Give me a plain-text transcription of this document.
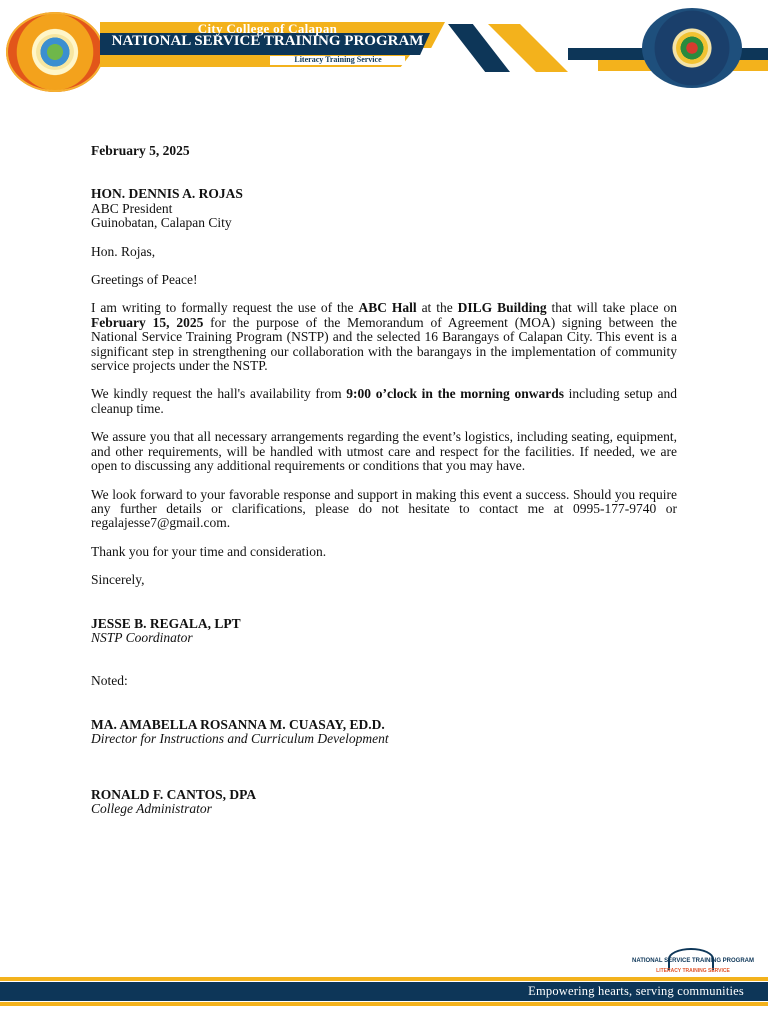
City College of Calapan
NATIONAL SERVICE TRAINING PROGRAM
Literacy Training Service

February 5, 2025

HON. DENNIS A. ROJAS

ABC President

Guinobatan, Calapan City

Hon. Rojas,

Greetings of Peace!

I am writing to formally request the use of the ABC Hall at the DILG Building that will take place on February 15, 2025 for the purpose of the Memorandum of Agreement (MOA) signing between the National Service Training Program (NSTP) and the selected 16 Barangays of Calapan City. This event is a significant step in strengthening our collaboration with the barangays in the implementation of community service projects under the NSTP.

We kindly request the hall's availability from 9:00 o’clock in the morning onwards including setup and cleanup time.

We assure you that all necessary arrangements regarding the event’s logistics, including seating, equipment, and other requirements, will be handled with utmost care and respect for the facilities. If needed, we are open to discussing any additional requirements or conditions that you may have.

We look forward to your favorable response and support in making this event a success. Should you require any further details or clarifications, please do not hesitate to contact me at 0995-177-9740 or regalajesse7@gmail.com.

Thank you for your time and consideration.

Sincerely,

JESSE B. REGALA, LPT

NSTP Coordinator

Noted:

MA. AMABELLA ROSANNA M. CUASAY, ED.D.

Director for Instructions and Curriculum Development

RONALD F. CANTOS, DPA

College Administrator

NATIONAL SERVICE TRAINING PROGRAM
LITERACY TRAINING SERVICE
Empowering hearts, serving communities
